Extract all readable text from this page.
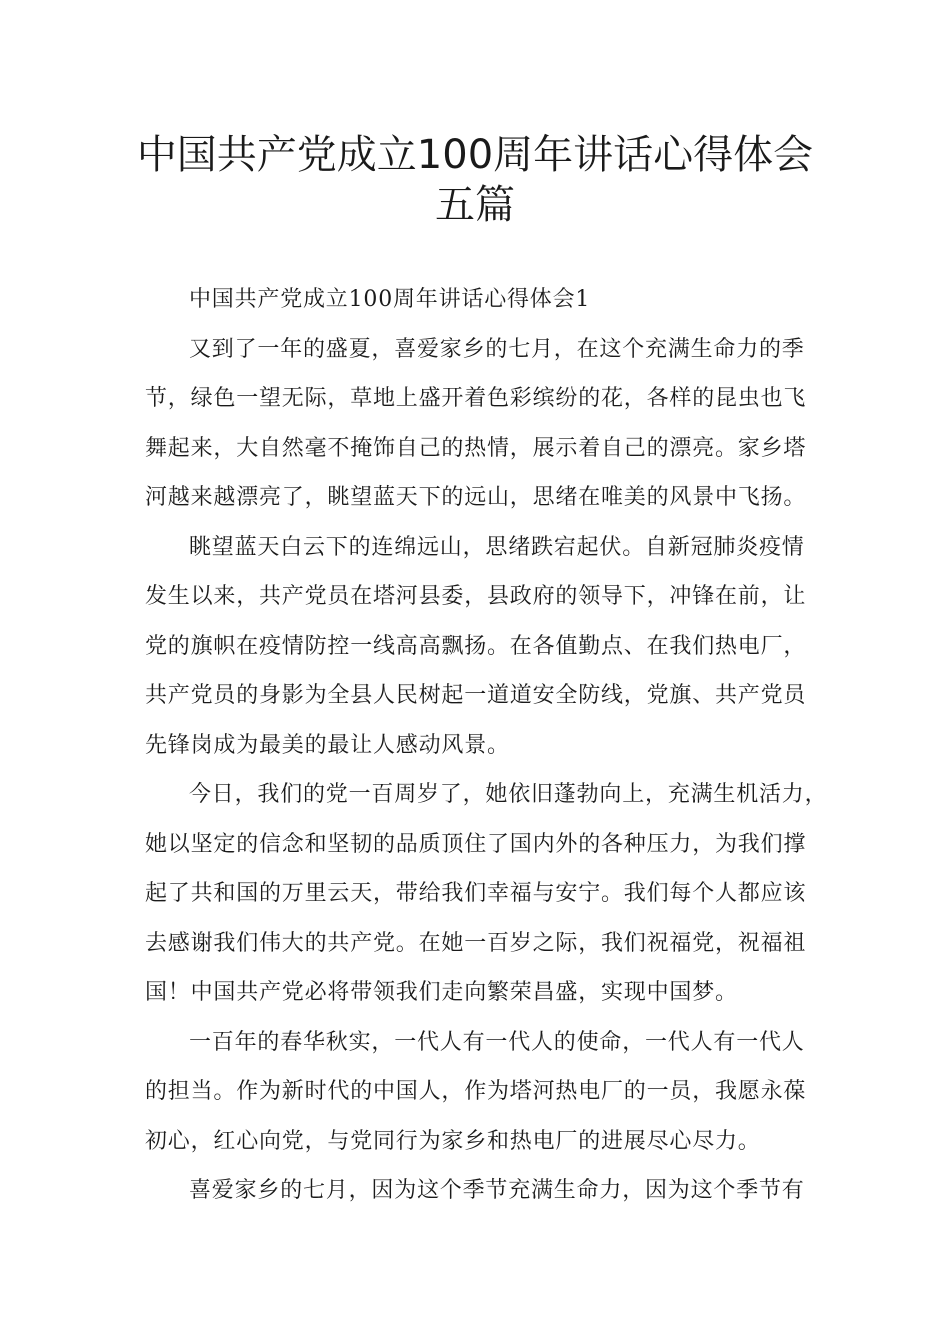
中国共产党成立100周年讲话心得体会
五篇
中国共产党成立100周年讲话心得体会1
又到了一年的盛夏，喜爱家乡的七月，在这个充满生命力的季
节，绿色一望无际，草地上盛开着色彩缤纷的花，各样的昆虫也飞
舞起来，大自然毫不掩饰自己的热情，展示着自己的漂亮。家乡塔
河越来越漂亮了，眺望蓝天下的远山，思绪在唯美的风景中飞扬。
眺望蓝天白云下的连绵远山，思绪跌宕起伏。自新冠肺炎疫情
发生以来，共产党员在塔河县委，县政府的领导下，冲锋在前，让
党的旗帜在疫情防控一线高高飘扬。在各值勤点、在我们热电厂，
共产党员的身影为全县人民树起一道道安全防线，党旗、共产党员
先锋岗成为最美的最让人感动风景。
今日，我们的党一百周岁了，她依旧蓬勃向上，充满生机活力，
她以坚定的信念和坚韧的品质顶住了国内外的各种压力，为我们撑
起了共和国的万里云天，带给我们幸福与安宁。我们每个人都应该
去感谢我们伟大的共产党。在她一百岁之际，我们祝福党，祝福祖
国！中国共产党必将带领我们走向繁荣昌盛，实现中国梦。
一百年的春华秋实，一代人有一代人的使命，一代人有一代人
的担当。作为新时代的中国人，作为塔河热电厂的一员，我愿永葆
初心，红心向党，与党同行为家乡和热电厂的进展尽心尽力。
喜爱家乡的七月，因为这个季节充满生命力，因为这个季节有
